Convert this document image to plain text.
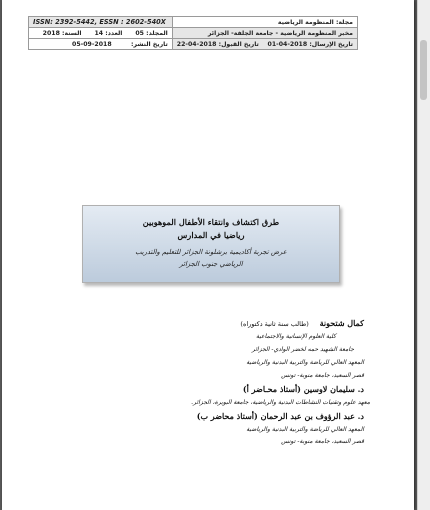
ISSN: 2392-5442, ESSN : 2602-540X	مجلة: المنظومة الرياضية

المجلد: 05      العدد: 14      السنة: 2018	مخبر المنظومة الرياضية - جامعة الجلفة- الجزائر

تاريخ النشر:         2018-09-05	تاريخ الإرسال: 2018-04-01    تاريخ القبول: 2018-04-22
طرق اكتشاف وانتقاء الأطفال الموهوبين
رياضيا في المدارس
عرض تجربة أكاديمية برشلونة الجزائر للتعليم والتدريب
الرياضي جنوب الجزائر
كمال شتحونة (طالب سنة ثانية دكتوراه)
كلية العلوم الإنسانية والاجتماعية
جامعة الشهيد حمه لخضر الوادي- الجزائر
المعهد العالي للرياضة والتربية البدنية والرياضية
قصر السعيد، جامعة منوبة- تونس
د. سليمان لاوسين (أستاذ محـاضر أ)
معهد علوم وتقنيات النشاطات البدنية والرياضية، جامعة البويرة، الجزائر.
د. عبد الرؤوف بن عبد الرحمان (أستاذ محاضر ب)
المعهد العالي للرياضة والتربية البدنية والرياضية
قصر السعيد، جامعة منوبة- تونس
